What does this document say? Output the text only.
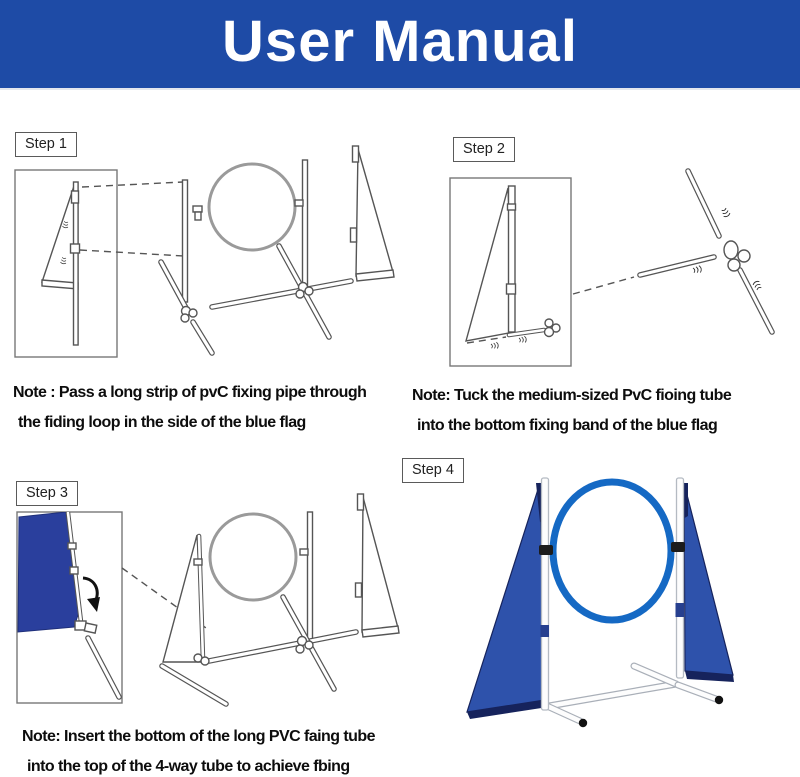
User Manual
Step 1	Step 2
Step 3
Step 4
Note : Pass a long strip of pvC fixing pipe through
the fiding loop in the side of the blue flag
Note: Tuck the medium-sized PvC fioing tube
into the bottom fixing band of the blue flag
Note: Insert the bottom of the long PVC faing tube
into the top of the 4-way tube to achieve fbing
